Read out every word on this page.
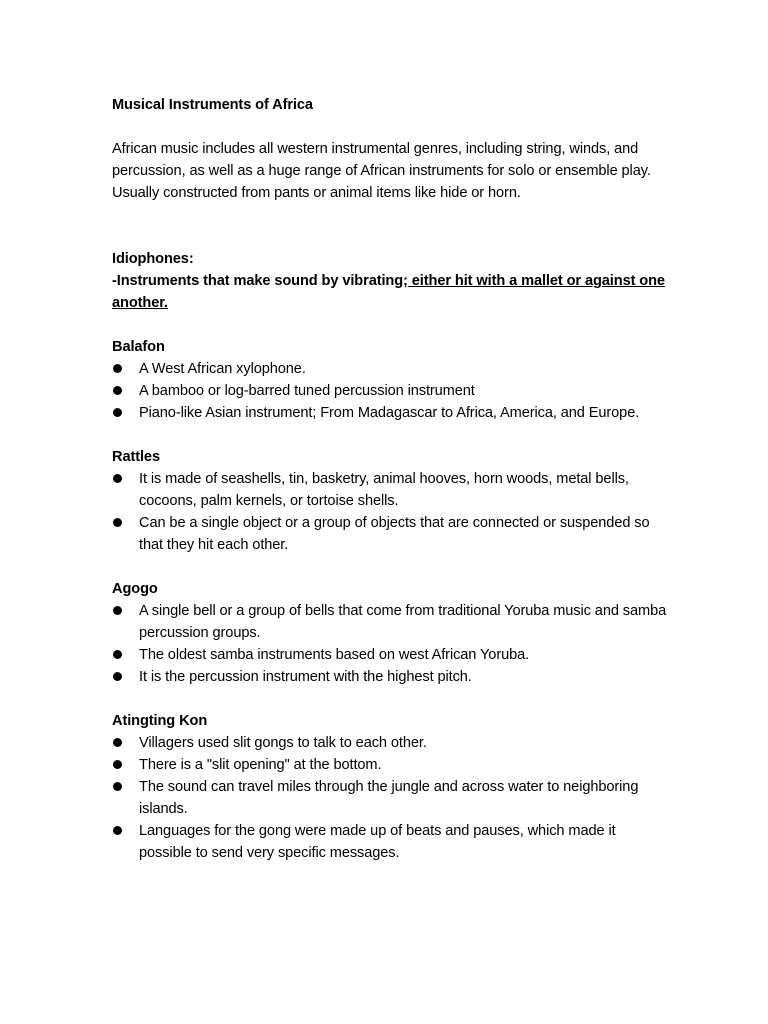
Musical Instruments of Africa

African music includes all western instrumental genres, including string, winds, and percussion, as well as a huge range of African instruments for solo or ensemble play. Usually constructed from pants or animal items like hide or horn.

Idiophones:

-Instruments that make sound by vibrating; either hit with a mallet or against one another.

Balafon

A West African xylophone.
A bamboo or log-barred tuned percussion instrument
Piano-like Asian instrument; From Madagascar to Africa, America, and Europe.

Rattles

It is made of seashells, tin, basketry, animal hooves, horn woods, metal bells, cocoons, palm kernels, or tortoise shells.
Can be a single object or a group of objects that are connected or suspended so that they hit each other.

Agogo

A single bell or a group of bells that come from traditional Yoruba music and samba percussion groups.
The oldest samba instruments based on west African Yoruba.
It is the percussion instrument with the highest pitch.

Atingting Kon

Villagers used slit gongs to talk to each other.
There is a "slit opening" at the bottom.
The sound can travel miles through the jungle and across water to neighboring islands.
Languages for the gong were made up of beats and pauses, which made it possible to send very specific messages.
